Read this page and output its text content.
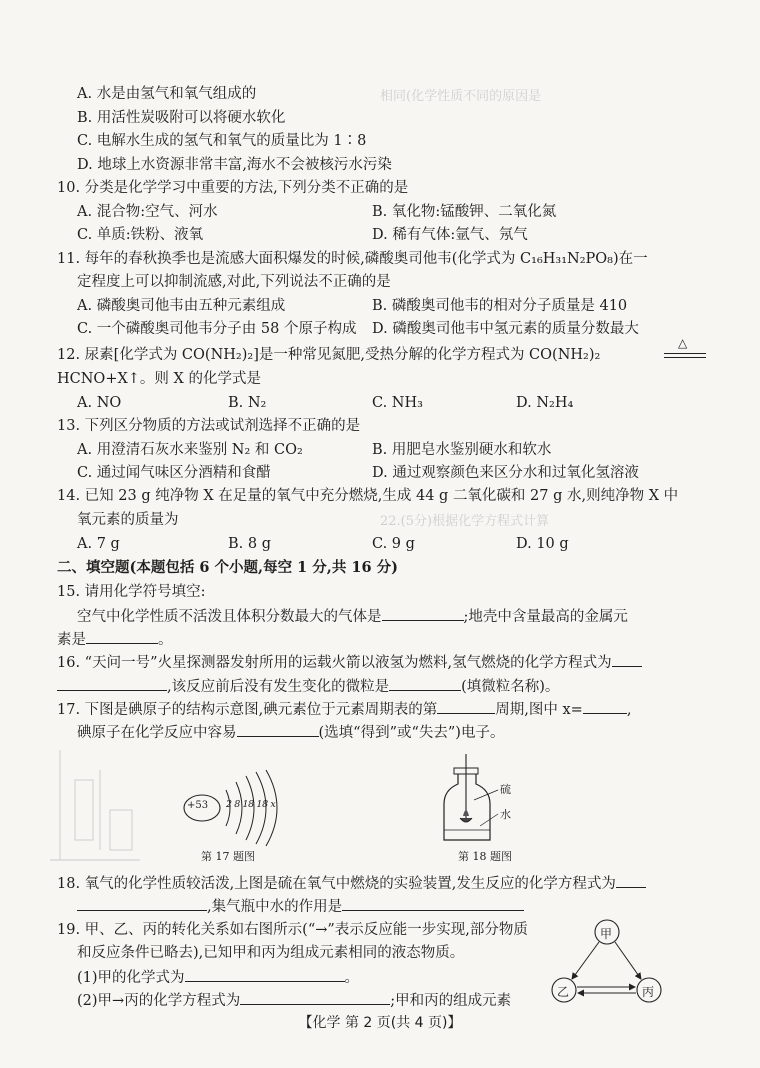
相同(化学性质不同的原因是
22.(5分)根据化学方程式计算
A. 水是由氢气和氧气组成的
B. 用活性炭吸附可以将硬水软化
C. 电解水生成的氢气和氧气的质量比为 1∶8
D. 地球上水资源非常丰富,海水不会被核污水污染
10. 分类是化学学习中重要的方法,下列分类不正确的是
A. 混合物:空气、河水	B. 氧化物:锰酸钾、二氧化氮
C. 单质:铁粉、液氧	D. 稀有气体:氩气、氖气
11. 每年的春秋换季也是流感大面积爆发的时候,磷酸奥司他韦(化学式为 C₁₆H₃₁N₂PO₈)在一
定程度上可以抑制流感,对此,下列说法不正确的是
A. 磷酸奥司他韦由五种元素组成	B. 磷酸奥司他韦的相对分子质量是 410
C. 一个磷酸奥司他韦分子由 58 个原子构成 D. 磷酸奥司他韦中氢元素的质量分数最大
12. 尿素[化学式为 CO(NH₂)₂]是一种常见氮肥,受热分解的化学方程式为 CO(NH₂)₂
△
HCNO+X↑。则 X 的化学式是
A. NO	B. N₂	C. NH₃	D. N₂H₄
13. 下列区分物质的方法或试剂选择不正确的是
A. 用澄清石灰水来鉴别 N₂ 和 CO₂	B. 用肥皂水鉴别硬水和软水
C. 通过闻气味区分酒精和食醋	D. 通过观察颜色来区分水和过氧化氢溶液
14. 已知 23 g 纯净物 X 在足量的氧气中充分燃烧,生成 44 g 二氧化碳和 27 g 水,则纯净物 X 中
氧元素的质量为
A. 7 g	B. 8 g	C. 9 g	D. 10 g
二、填空题(本题包括 6 个小题,每空 1 分,共 16 分)
15. 请用化学符号填空:
空气中化学性质不活泼且体积分数最大的气体是	;地壳中含量最高的金属元
素是	。
16. “天问一号”火星探测器发射所用的运载火箭以液氢为燃料,氢气燃烧的化学方程式为
,该反应前后没有发生变化的微粒是	(填微粒名称)。
17. 下图是碘原子的结构示意图,碘元素位于元素周期表的第	周期,图中 x=	,
碘原子在化学反应中容易	(选填“得到”或“失去”)电子。
+53 2 8 18 18 x
第 17 题图
硫
水
第 18 题图
18. 氧气的化学性质较活泼,上图是硫在氧气中燃烧的实验装置,发生反应的化学方程式为
,集气瓶中水的作用是
19. 甲、乙、丙的转化关系如右图所示(“→”表示反应能一步实现,部分物质
和反应条件已略去),已知甲和丙为组成元素相同的液态物质。
(1)甲的化学式为	。
(2)甲→丙的化学方程式为	;甲和丙的组成元素
甲
乙	丙
【化学 第 2 页(共 4 页)】
